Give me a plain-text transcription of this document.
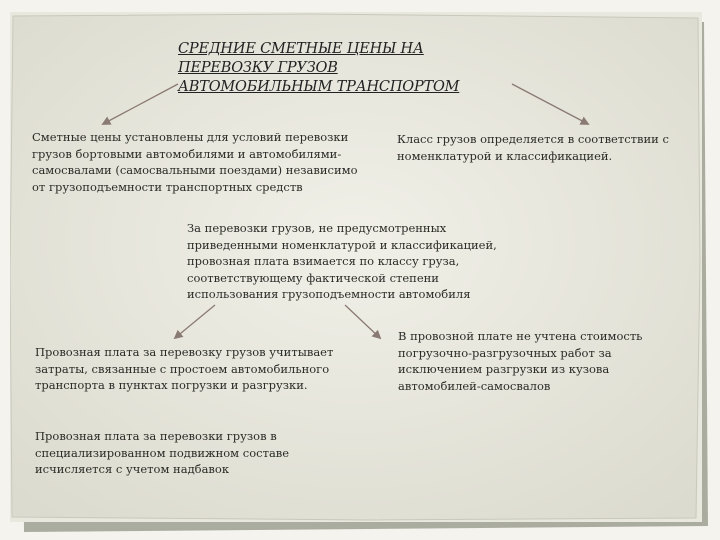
СРЕДНИЕ СМЕТНЫЕ ЦЕНЫ НА
ПЕРЕВОЗКУ ГРУЗОВ
АВТОМОБИЛЬНЫМ ТРАНСПОРТОМ
Сметные цены установлены для условий перевозки
грузов бортовыми автомобилями и автомобилями-
самосвалами (самосвальными поездами) независимо
от грузоподъемности транспортных средств
Класс грузов определяется в соответствии с
номенклатурой и классификацией.
За перевозки грузов, не предусмотренных
приведенными номенклатурой и классификацией,
провозная плата взимается по классу груза,
соответствующему фактической степени
использования грузоподъемности автомобиля
Провозная плата за перевозку грузов учитывает
затраты, связанные с простоем автомобильного
транспорта в пунктах погрузки и разгрузки.
В провозной плате не учтена стоимость
погрузочно-разгрузочных работ за
исключением разгрузки из кузова
автомобилей-самосвалов
Провозная плата за перевозки грузов в
специализированном подвижном составе
исчисляется с учетом надбавок
